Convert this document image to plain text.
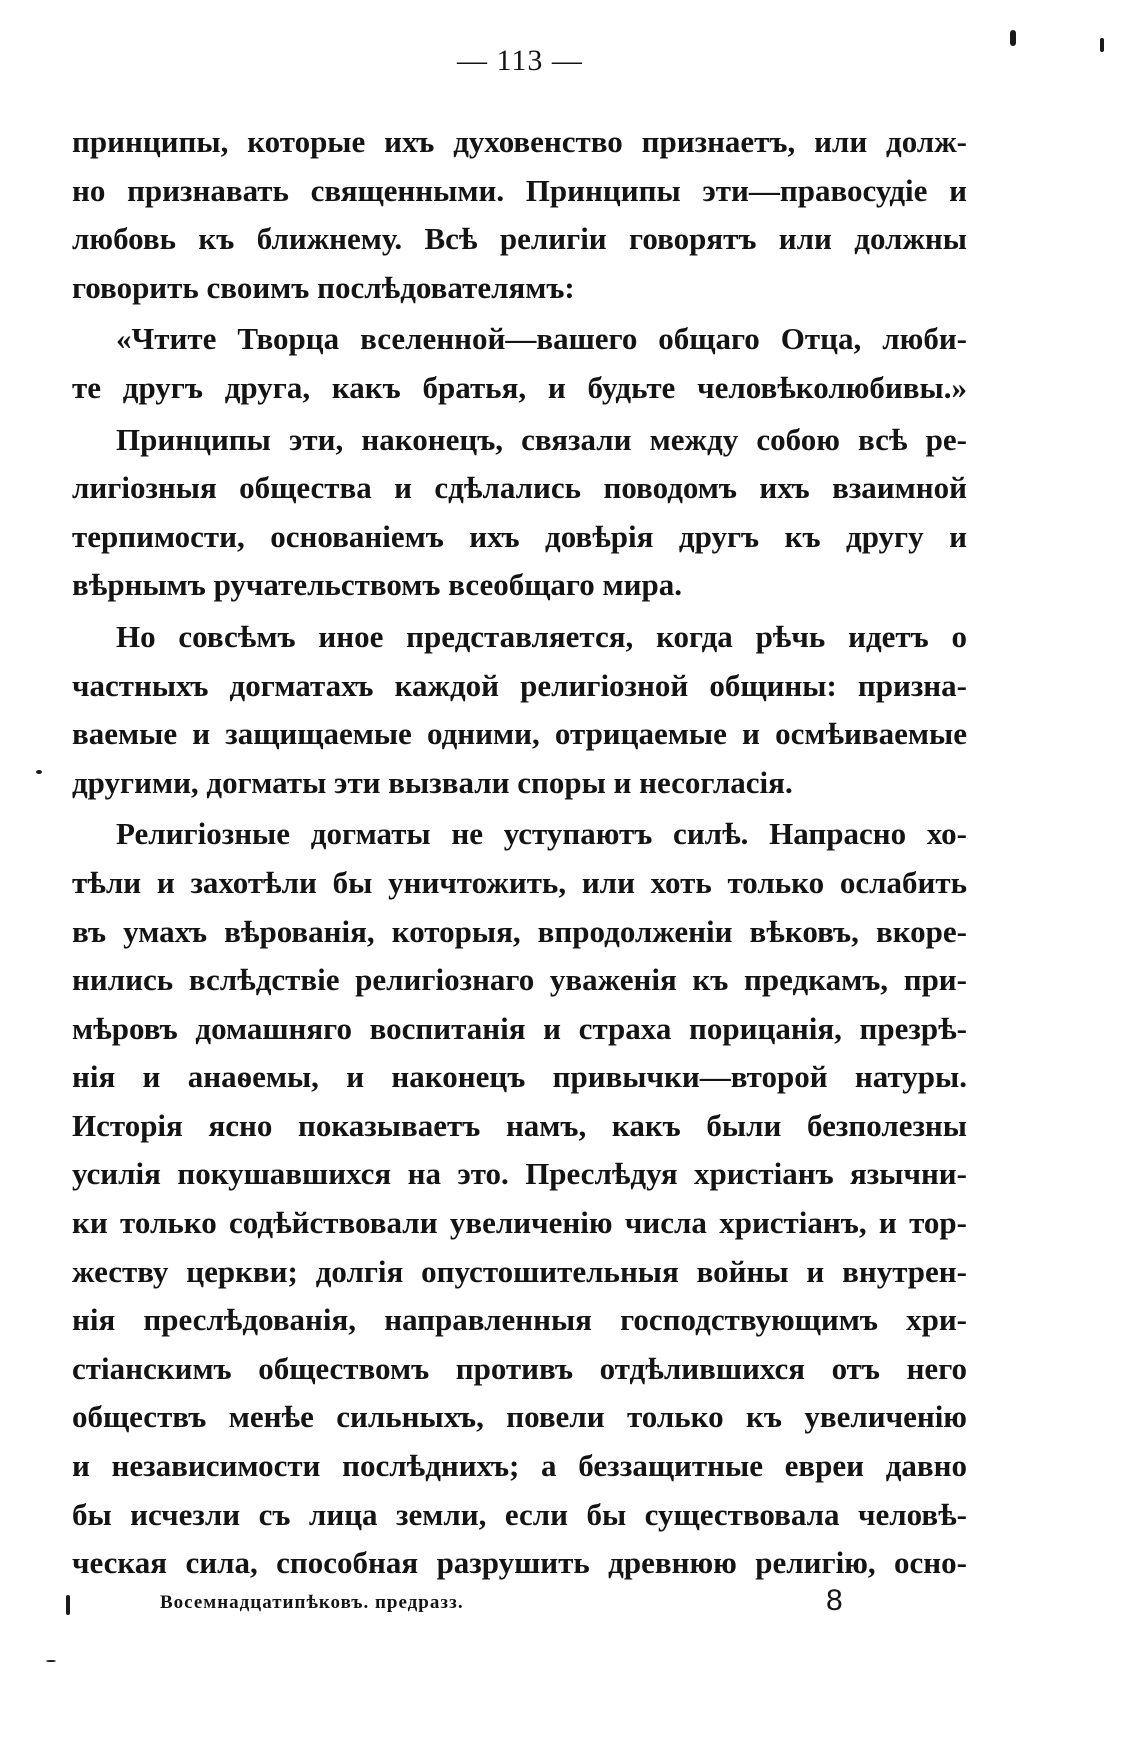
— 113 —
принципы, которые ихъ духовенство признаетъ, или долж-
но признавать священными. Принципы эти—правосудіе и
любовь къ ближнему. Всѣ религіи говорятъ или должны
говорить своимъ послѣдователямъ:
«Чтите Творца вселенной—вашего общаго Отца, люби-
те другъ друга, какъ братья, и будьте человѣколюбивы.»
Принципы эти, наконецъ, связали между собою всѣ ре-
лигіозныя общества и сдѣлались поводомъ ихъ взаимной
терпимости, основаніемъ ихъ довѣрія другъ къ другу и
вѣрнымъ ручательствомъ всеобщаго мира.
Но совсѣмъ иное представляется, когда рѣчь идетъ о
частныхъ догматахъ каждой религіозной общины: призна-
ваемые и защищаемые одними, отрицаемые и осмѣиваемые
другими, догматы эти вызвали споры и несогласія.
Религіозные догматы не уступаютъ силѣ. Напрасно хо-
тѣли и захотѣли бы уничтожить, или хоть только ослабить
въ умахъ вѣрованія, которыя, впродолженіи вѣковъ, вкоре-
нились вслѣдствіе религіознаго уваженія къ предкамъ, при-
мѣровъ домашняго воспитанія и страха порицанія, презрѣ-
нія и анаѳемы, и наконецъ привычки—второй натуры.
Исторія ясно показываетъ намъ, какъ были безполезны
усилія покушавшихся на это. Преслѣдуя христіанъ язычни-
ки только содѣйствовали увеличенію числа христіанъ, и тор-
жеству церкви; долгія опустошительныя войны и внутрен-
нія преслѣдованія, направленныя господствующимъ хри-
стіанскимъ обществомъ противъ отдѣлившихся отъ него
обществъ менѣе сильныхъ, повели только къ увеличенію
и независимости послѣднихъ; а беззащитные евреи давно
бы исчезли съ лица земли, если бы существовала человѣ-
ческая сила, способная разрушить древнюю религію, осно-
Восемнадцатипѣковъ. предразз.	8
